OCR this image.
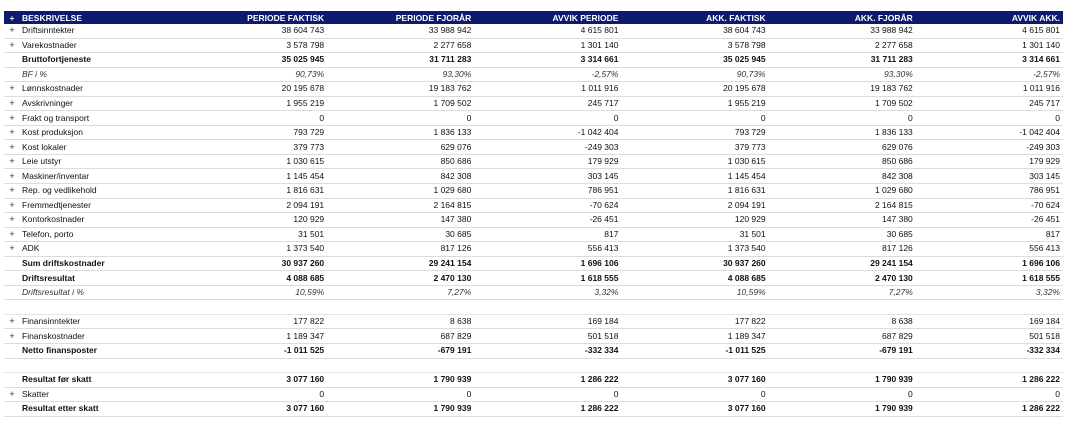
+	BESKRIVELSE	PERIODE FAKTISK	PERIODE FJORÅR	AVVIK PERIODE	AKK. FAKTISK	AKK. FJORÅR	AVVIK AKK.
+	Driftsinntekter	38 604 743	33 988 942	4 615 801	38 604 743	33 988 942	4 615 801
+	Varekostnader	3 578 798	2 277 658	1 301 140	3 578 798	2 277 658	1 301 140
	Bruttofortjeneste	35 025 945	31 711 283	3 314 661	35 025 945	31 711 283	3 314 661
	BF i %	90,73%	93,30%	-2,57%	90,73%	93,30%	-2,57%
+	Lønnskostnader	20 195 678	19 183 762	1 011 916	20 195 678	19 183 762	1 011 916
+	Avskrivninger	1 955 219	1 709 502	245 717	1 955 219	1 709 502	245 717
+	Frakt og transport	0	0	0	0	0	0
+	Kost produksjon	793 729	1 836 133	-1 042 404	793 729	1 836 133	-1 042 404
+	Kost lokaler	379 773	629 076	-249 303	379 773	629 076	-249 303
+	Leie utstyr	1 030 615	850 686	179 929	1 030 615	850 686	179 929
+	Maskiner/inventar	1 145 454	842 308	303 145	1 145 454	842 308	303 145
+	Rep. og vedlikehold	1 816 631	1 029 680	786 951	1 816 631	1 029 680	786 951
+	Fremmedtjenester	2 094 191	2 164 815	-70 624	2 094 191	2 164 815	-70 624
+	Kontorkostnader	120 929	147 380	-26 451	120 929	147 380	-26 451
+	Telefon, porto	31 501	30 685	817	31 501	30 685	817
+	ADK	1 373 540	817 126	556 413	1 373 540	817 126	556 413
	Sum driftskostnader	30 937 260	29 241 154	1 696 106	30 937 260	29 241 154	1 696 106
	Driftsresultat	4 088 685	2 470 130	1 618 555	4 088 685	2 470 130	1 618 555
	Driftsresultat i %	10,59%	7,27%	3,32%	10,59%	7,27%	3,32%

+	Finansinntekter	177 822	8 638	169 184	177 822	8 638	169 184
+	Finanskostnader	1 189 347	687 829	501 518	1 189 347	687 829	501 518
	Netto finansposter	-1 011 525	-679 191	-332 334	-1 011 525	-679 191	-332 334

	Resultat før skatt	3 077 160	1 790 939	1 286 222	3 077 160	1 790 939	1 286 222
+	Skatter	0	0	0	0	0	0
	Resultat etter skatt	3 077 160	1 790 939	1 286 222	3 077 160	1 790 939	1 286 222
